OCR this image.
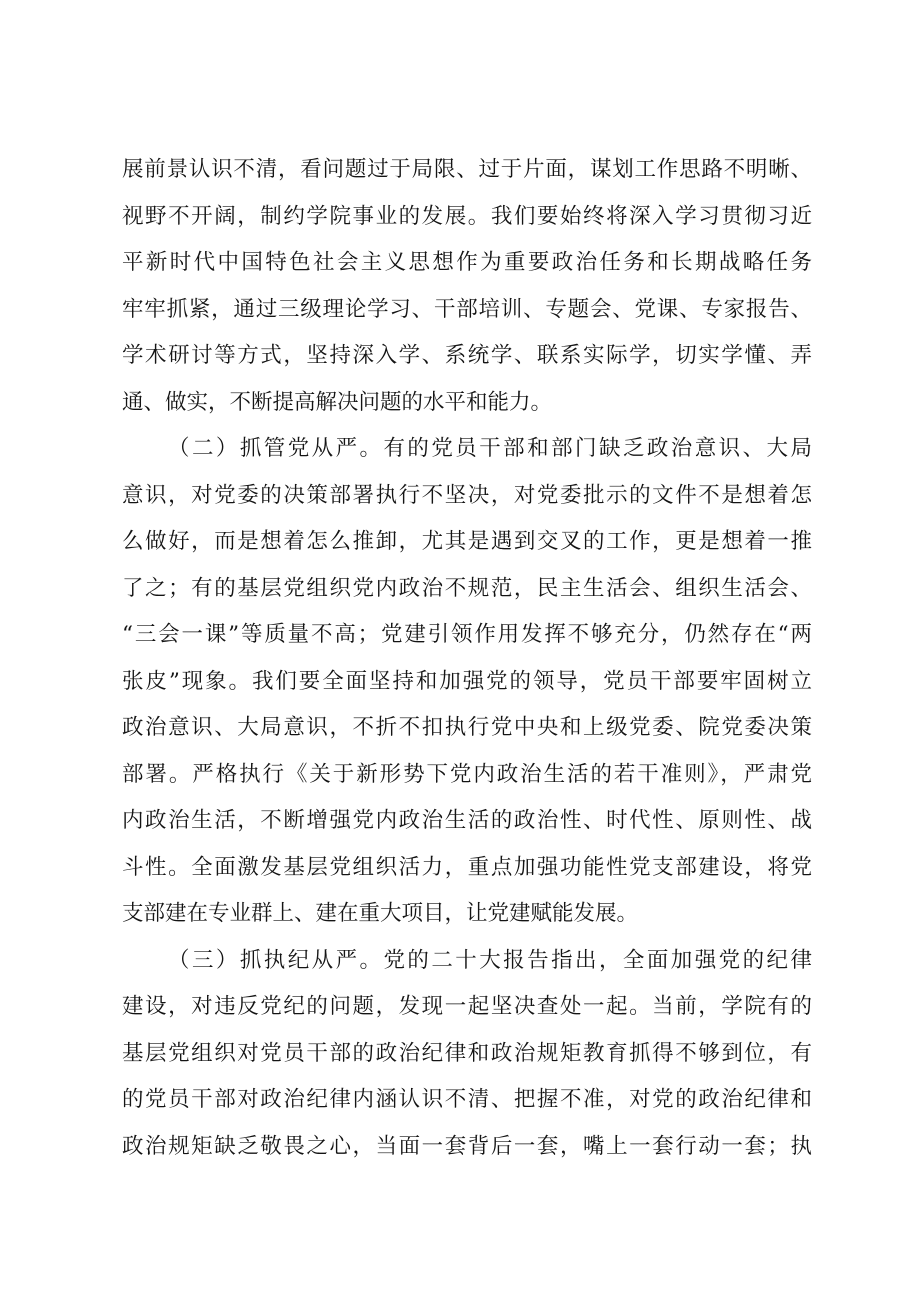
展前景认识不清，看问题过于局限、过于片面，谋划工作思路不明晰、
视野不开阔，制约学院事业的发展。我们要始终将深入学习贯彻习近
平新时代中国特色社会主义思想作为重要政治任务和长期战略任务
牢牢抓紧，通过三级理论学习、干部培训、专题会、党课、专家报告、
学术研讨等方式，坚持深入学、系统学、联系实际学，切实学懂、弄
通、做实，不断提高解决问题的水平和能力。
（二）抓管党从严。有的党员干部和部门缺乏政治意识、大局
意识，对党委的决策部署执行不坚决，对党委批示的文件不是想着怎
么做好，而是想着怎么推卸，尤其是遇到交叉的工作，更是想着一推
了之；有的基层党组织党内政治不规范，民主生活会、组织生活会、
“三会一课”等质量不高；党建引领作用发挥不够充分，仍然存在“两
张皮”现象。我们要全面坚持和加强党的领导，党员干部要牢固树立
政治意识、大局意识，不折不扣执行党中央和上级党委、院党委决策
部署。严格执行《关于新形势下党内政治生活的若干准则》，严肃党
内政治生活，不断增强党内政治生活的政治性、时代性、原则性、战
斗性。全面激发基层党组织活力，重点加强功能性党支部建设，将党
支部建在专业群上、建在重大项目，让党建赋能发展。
（三）抓执纪从严。党的二十大报告指出，全面加强党的纪律
建设，对违反党纪的问题，发现一起坚决查处一起。当前，学院有的
基层党组织对党员干部的政治纪律和政治规矩教育抓得不够到位，有
的党员干部对政治纪律内涵认识不清、把握不准，对党的政治纪律和
政治规矩缺乏敬畏之心，当面一套背后一套，嘴上一套行动一套；执
